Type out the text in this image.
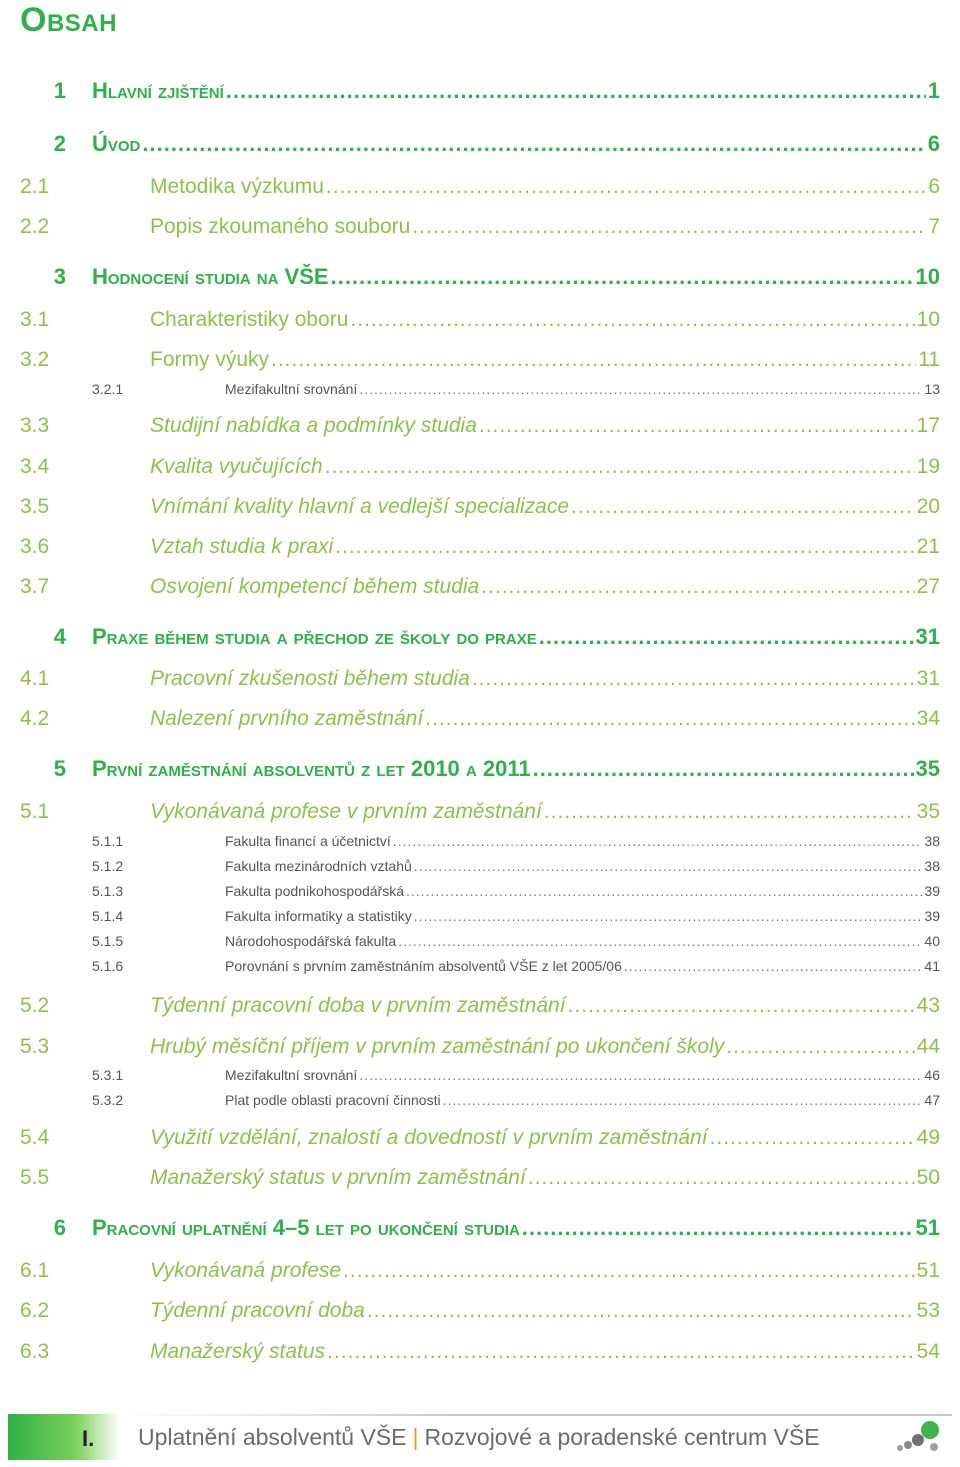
Obsah
1	Hlavní zjištění .....	1
2	Úvod .....	6
2.1	Metodika výzkumu .....	6
2.2	Popis zkoumaného souboru .....	7
3	Hodnocení studia na VŠE .....	10
3.1	Charakteristiky oboru .....	10
3.2	Formy výuky .....	11
3.2.1	Mezifakultní srovnání .....	13
3.3	Studijní nabídka a podmínky studia .....	17
3.4	Kvalita vyučujících .....	19
3.5	Vnímání kvality hlavní a vedlejší specializace .....	20
3.6	Vztah studia k praxi .....	21
3.7	Osvojení kompetencí během studia .....	27
4	Praxe během studia a přechod ze školy do praxe .....	31
4.1	Pracovní zkušenosti během studia .....	31
4.2	Nalezení prvního zaměstnání .....	34
5	První zaměstnání absolventů z let 2010 a 2011 .....	35
5.1	Vykonávaná profese v prvním zaměstnání .....	35
5.1.1	Fakulta financí a účetnictví .....	38
5.1.2	Fakulta mezinárodních vztahů .....	38
5.1.3	Fakulta podnikohospodářská .....	39
5.1.4	Fakulta informatiky a statistiky .....	39
5.1.5	Národohospodářská fakulta .....	40
5.1.6	Porovnání s prvním zaměstnáním absolventů VŠE z let 2005/06 .....	41
5.2	Týdenní pracovní doba v prvním zaměstnání .....	43
5.3	Hrubý měsíční příjem v prvním zaměstnání po ukončení školy .....	44
5.3.1	Mezifakultní srovnání .....	46
5.3.2	Plat podle oblasti pracovní činnosti .....	47
5.4	Využití vzdělání, znalostí a dovedností v prvním zaměstnání .....	49
5.5	Manažerský status v prvním zaměstnání .....	50
6	Pracovní uplatnění 4–5 let po ukončení studia .....	51
6.1	Vykonávaná profese .....	51
6.2	Týdenní pracovní doba .....	53
6.3	Manažerský status .....	54
I. Uplatnění absolventů VŠE | Rozvojové a poradenské centrum VŠE
